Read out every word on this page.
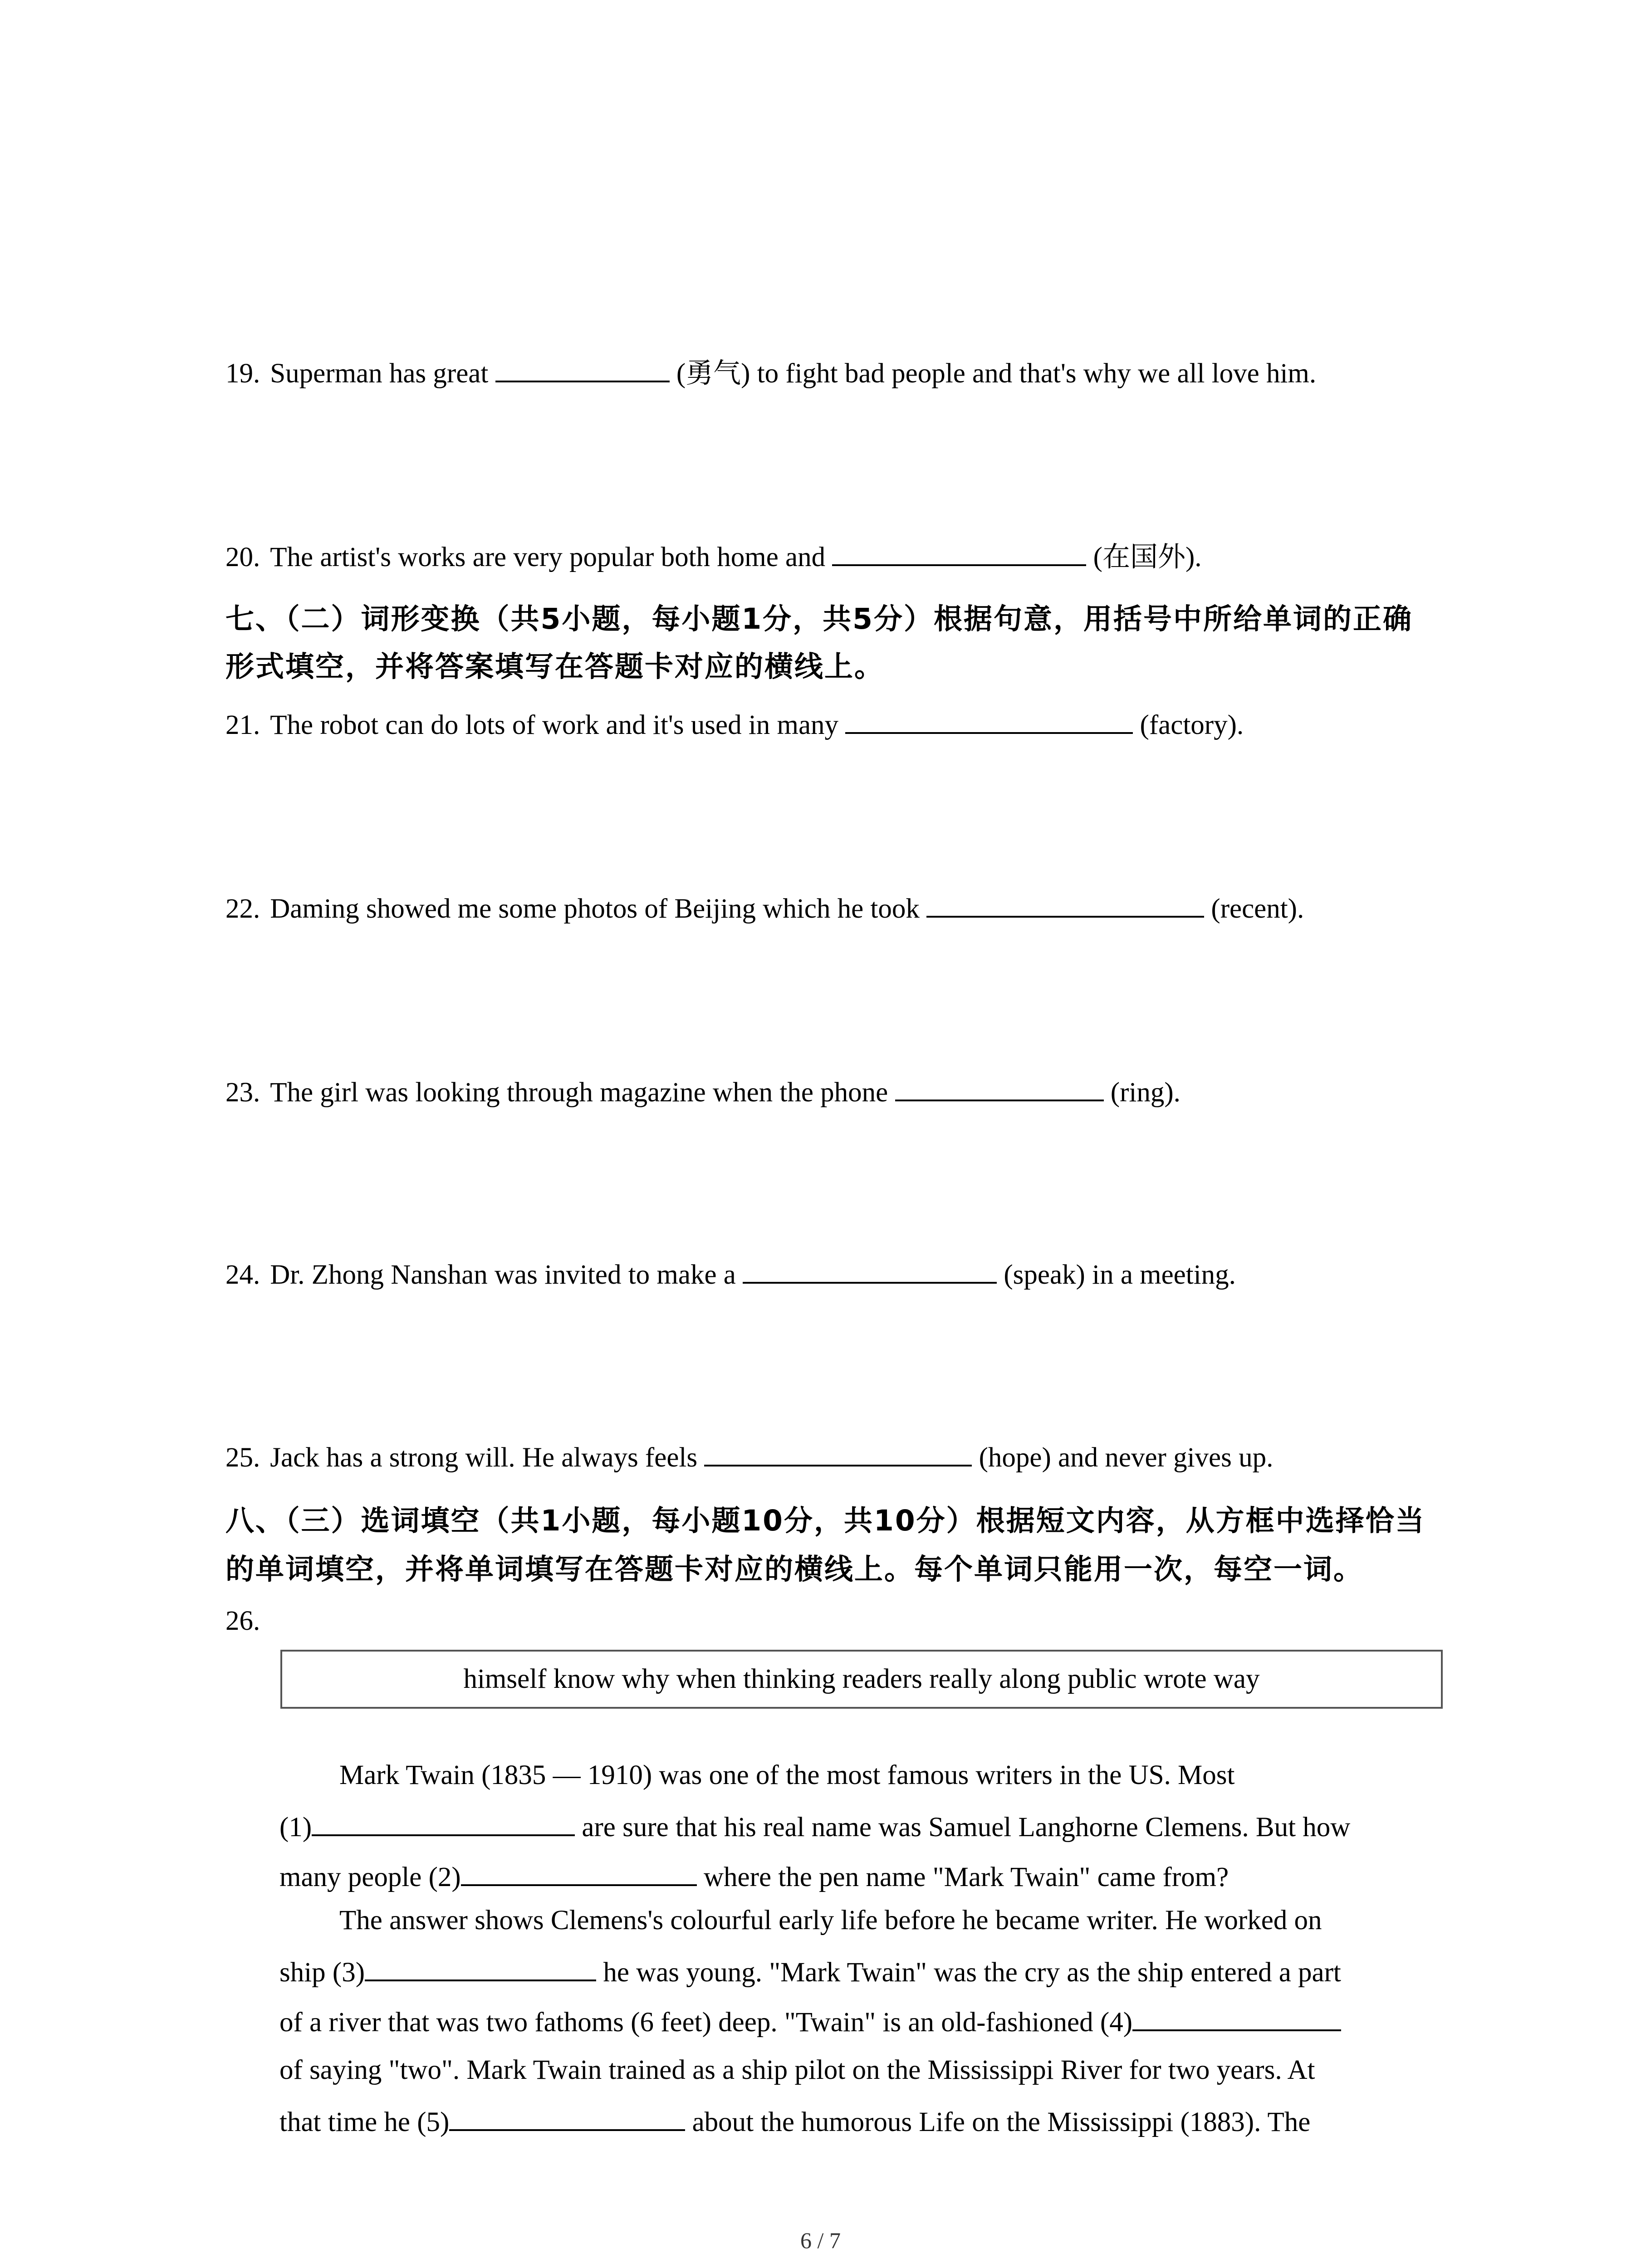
19. Superman has great	(勇气) to fight bad people and that's why we all love him.
20. The artist's works are very popular both home and	(在国外).
七、（二）词形变换（共5小题，每小题1分，共5分）根据句意，用括号中所给单词的正确
形式填空，并将答案填写在答题卡对应的横线上。
21. The robot can do lots of work and it's used in many	(factory).
22. Daming showed me some photos of Beijing which he took	(recent).
23. The girl was looking through magazine when the phone	(ring).
24. Dr. Zhong Nanshan was invited to make a	(speak) in a meeting.
25. Jack has a strong will. He always feels	(hope) and never gives up.
八、（三）选词填空（共1小题，每小题10分，共10分）根据短文内容，从方框中选择恰当
的单词填空，并将单词填写在答题卡对应的横线上。每个单词只能用一次，每空一词。
26.
himself know why when thinking readers really along public wrote way
Mark Twain (1835 — 1910) was one of the most famous writers in the US. Most
(1)	are sure that his real name was Samuel Langhorne Clemens. But how
many people (2)	where the pen name "Mark Twain" came from?
The answer shows Clemens's colourful early life before he became writer. He worked on
ship (3)	he was young. "Mark Twain" was the cry as the ship entered a part
of a river that was two fathoms (6 feet) deep. "Twain" is an old-fashioned (4)
of saying "two". Mark Twain trained as a ship pilot on the Mississippi River for two years. At
that time he (5)	about the humorous Life on the Mississippi (1883). The
6 / 7
